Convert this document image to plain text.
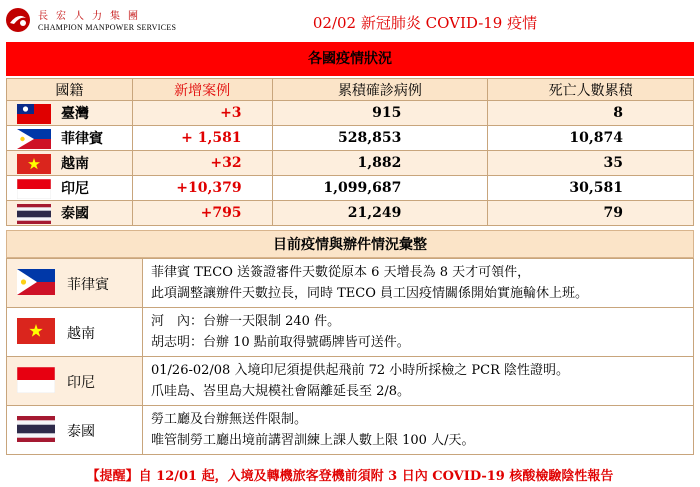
長宏人力集團
CHAMPION MANPOWER SERVICES	02/02 新冠肺炎 COVID-19 疫情
各國疫情狀況
國籍	新增案例	累積確診病例	死亡人數累積

臺灣	+3	915	8

菲律賓	+ 1,581	528,853	10,874

越南	+32	1,882	35

印尼	+10,379	1,099,687	30,581

泰國	+795	21,249	79
目前疫情與辦件情況彙整
菲律賓	菲律賓 TECO 送簽證審件天數從原本 6 天增長為 8 天才可領件，
此項調整讓辦件天數拉長，同時 TECO 員工因疫情關係開始實施輪休上班。

越南	河　內：台辦一天限制 240 件。
胡志明：台辦 10 點前取得號碼牌皆可送件。

印尼	01/26-02/08 入境印尼須提供起飛前 72 小時所採檢之 PCR 陰性證明。
爪哇島、峇里島大規模社會隔離延長至 2/8。

泰國	勞工廳及台辦無送件限制。
唯管制勞工廳出境前講習訓練上課人數上限 100 人/天。
【提醒】自 12/01 起，入境及轉機旅客登機前須附 3 日內 COVID-19 核酸檢驗陰性報告
